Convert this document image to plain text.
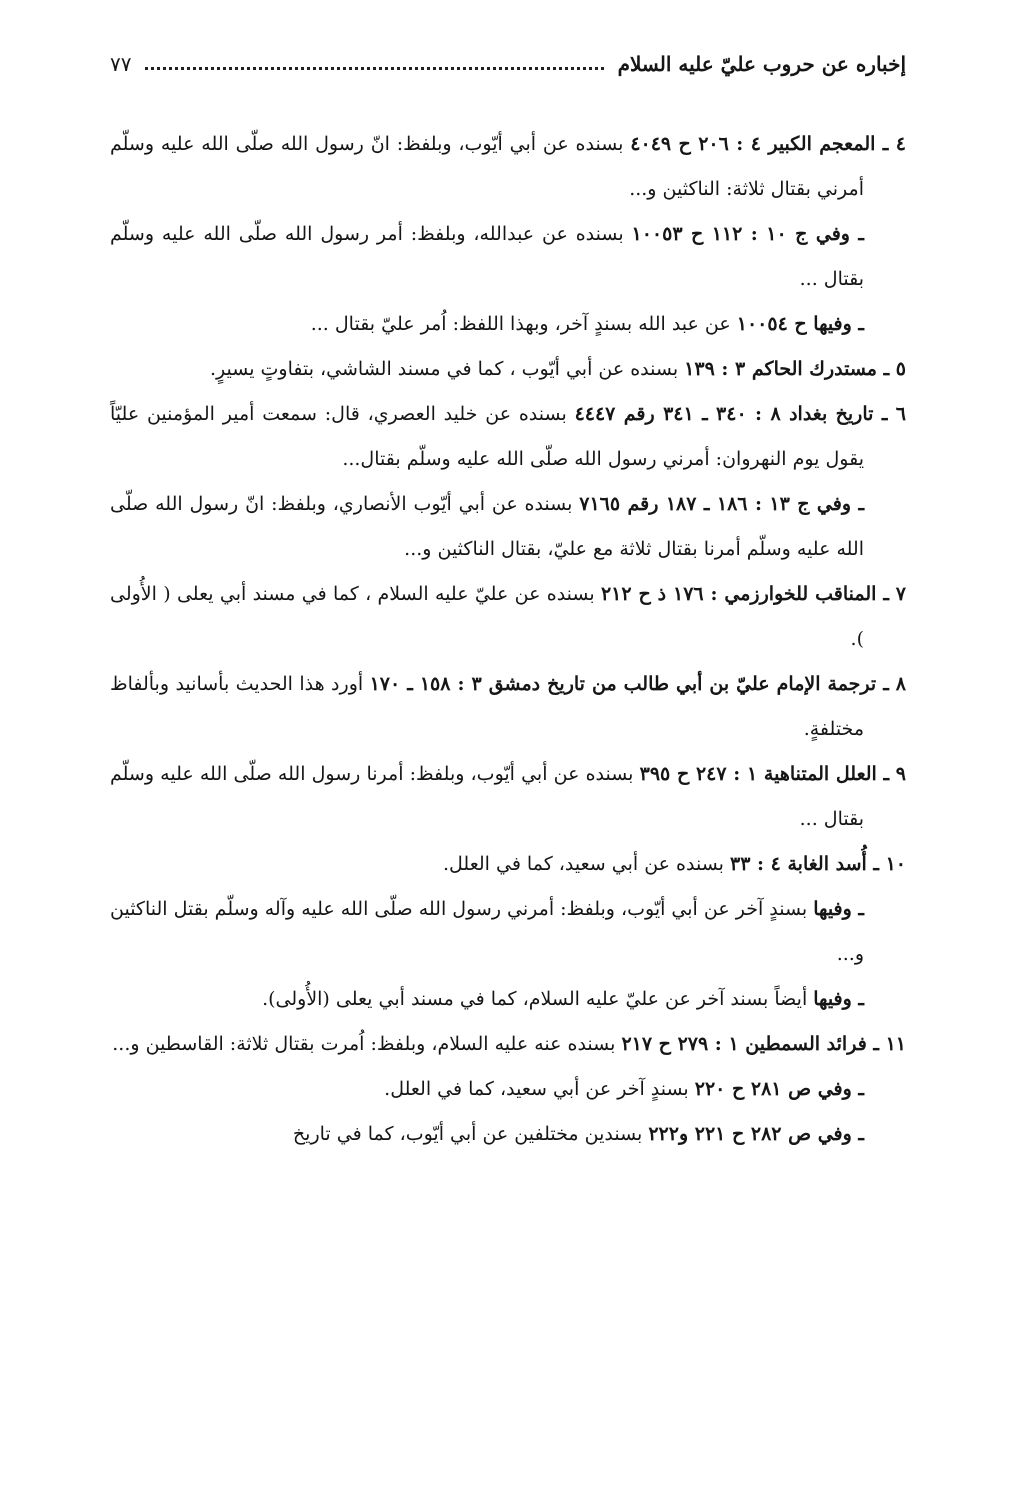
إخباره عن حروب عليّ عليه السلام
٧٧

٤ ـ المعجم الكبير ٤ : ٢٠٦ ح ٤٠٤٩ بسنده عن أبي أيّوب، وبلفظ: انّ رسول الله صلّى الله عليه وسلّم أمرني بقتال ثلاثة: الناكثين و...

ـ وفي ج ١٠ : ١١٢ ح ١٠٠٥٣ بسنده عن عبدالله، وبلفظ: أمر رسول الله صلّى الله عليه وسلّم بقتال ...

ـ وفيها ح ١٠٠٥٤ عن عبد الله بسندٍ آخر، وبهذا اللفظ: اُمر عليّ بقتال ...

٥ ـ مستدرك الحاكم ٣ : ١٣٩ بسنده عن أبي أيّوب ، كما في مسند الشاشي، بتفاوتٍ يسيرٍ.

٦ ـ تاريخ بغداد ٨ : ٣٤٠ ـ ٣٤١ رقم ٤٤٤٧ بسنده عن خليد العصري، قال: سمعت أمير المؤمنين عليّاً يقول يوم النهروان: أمرني رسول الله صلّى الله عليه وسلّم بقتال...

ـ وفي ج ١٣ : ١٨٦ ـ ١٨٧ رقم ٧١٦٥ بسنده عن أبي أيّوب الأنصاري، وبلفظ: انّ رسول الله صلّى الله عليه وسلّم أمرنا بقتال ثلاثة مع عليّ، بقتال الناكثين و...

٧ ـ المناقب للخوارزمي : ١٧٦ ذ ح ٢١٢ بسنده عن عليّ عليه السلام ، كما في مسند أبي يعلى ( الأُولى ).

٨ ـ ترجمة الإمام عليّ بن أبي طالب من تاريخ دمشق ٣ : ١٥٨ ـ ١٧٠ أورد هذا الحديث بأسانيد وبألفاظ مختلفةٍ.

٩ ـ العلل المتناهية ١ : ٢٤٧ ح ٣٩٥ بسنده عن أبي أيّوب، وبلفظ: أمرنا رسول الله صلّى الله عليه وسلّم بقتال ...

١٠ ـ أُسد الغابة ٤ : ٣٣ بسنده عن أبي سعيد، كما في العلل.

ـ وفيها بسندٍ آخر عن أبي أيّوب، وبلفظ: أمرني رسول الله صلّى الله عليه وآله وسلّم بقتل الناكثين و...

ـ وفيها أيضاً بسند آخر عن عليّ عليه السلام، كما في مسند أبي يعلى (الأُولى).

١١ ـ فرائد السمطين ١ : ٢٧٩ ح ٢١٧ بسنده عنه عليه السلام، وبلفظ: اُمرت بقتال ثلاثة: القاسطين و...

ـ وفي ص ٢٨١ ح ٢٢٠ بسندٍ آخر عن أبي سعيد، كما في العلل.

ـ وفي ص ٢٨٢ ح ٢٢١ و٢٢٢ بسندين مختلفين عن أبي أيّوب، كما في تاريخ
